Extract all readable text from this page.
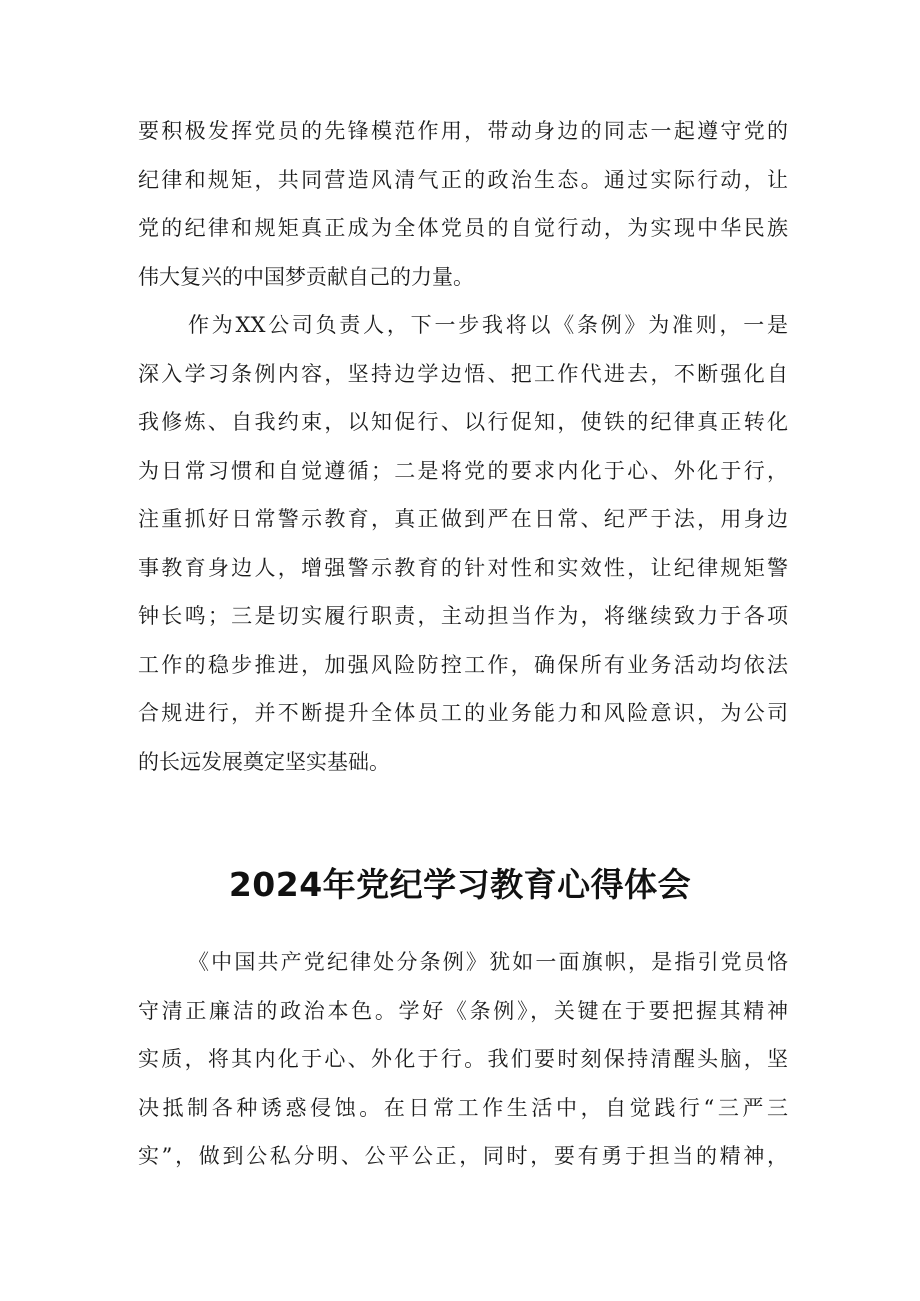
要积极发挥党员的先锋模范作用，带动身边的同志一起遵守党的
纪律和规矩，共同营造风清气正的政治生态。通过实际行动，让
党的纪律和规矩真正成为全体党员的自觉行动，为实现中华民族
伟大复兴的中国梦贡献自己的力量。
作为XX公司负责人，下一步我将以《条例》为准则，一是
深入学习条例内容，坚持边学边悟、把工作代进去，不断强化自
我修炼、自我约束，以知促行、以行促知，使铁的纪律真正转化
为日常习惯和自觉遵循；二是将党的要求内化于心、外化于行，
注重抓好日常警示教育，真正做到严在日常、纪严于法，用身边
事教育身边人，增强警示教育的针对性和实效性，让纪律规矩警
钟长鸣；三是切实履行职责，主动担当作为，将继续致力于各项
工作的稳步推进，加强风险防控工作，确保所有业务活动均依法
合规进行，并不断提升全体员工的业务能力和风险意识，为公司
的长远发展奠定坚实基础。
2024年党纪学习教育心得体会
《中国共产党纪律处分条例》犹如一面旗帜，是指引党员恪
守清正廉洁的政治本色。学好《条例》，关键在于要把握其精神
实质，将其内化于心、外化于行。我们要时刻保持清醒头脑，坚
决抵制各种诱惑侵蚀。在日常工作生活中，自觉践行“三严三
实”，做到公私分明、公平公正，同时，要有勇于担当的精神，
